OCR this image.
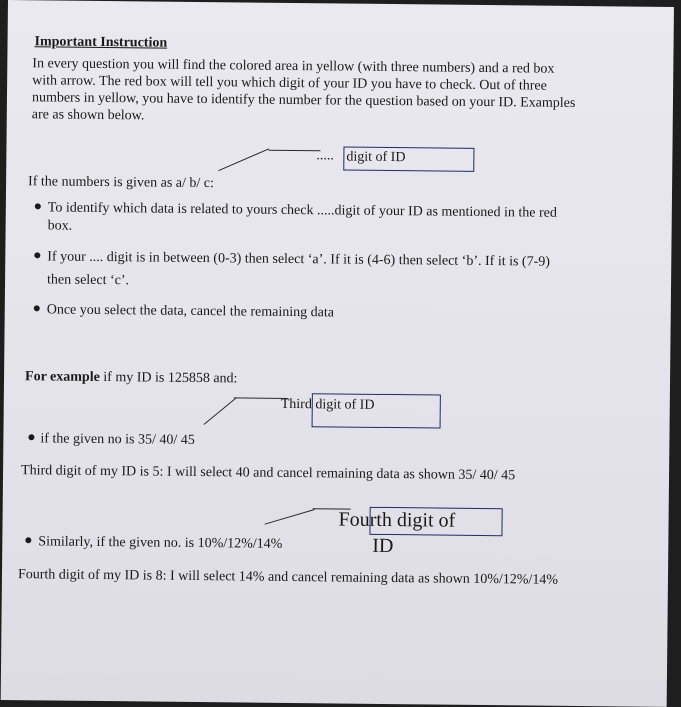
Important Instruction
In every question you will find the colored area in yellow (with three numbers) and a red box
with arrow. The red box will tell you which digit of your ID you have to check. Out of three
numbers in yellow, you have to identify the number for the question based on your ID. Examples
are as shown below.
..... digit of ID
If the numbers is given as a/ b/ c:
To identify which data is related to yours check .....digit of your ID as mentioned in the red
box.
If your .... digit is in between (0-3) then select ‘a’. If it is (4-6) then select ‘b’. If it is (7-9)
then select ‘c’.
Once you select the data, cancel the remaining data
For example if my ID is 125858 and:
Third digit of ID
if the given no is 35/ 40/ 45
Third digit of my ID is 5: I will select 40 and cancel remaining data as shown 35/ 40/ 45
Fourth digit of
ID
Similarly, if the given no. is 10%/12%/14%
Fourth digit of my ID is 8: I will select 14% and cancel remaining data as shown 10%/12%/14%
